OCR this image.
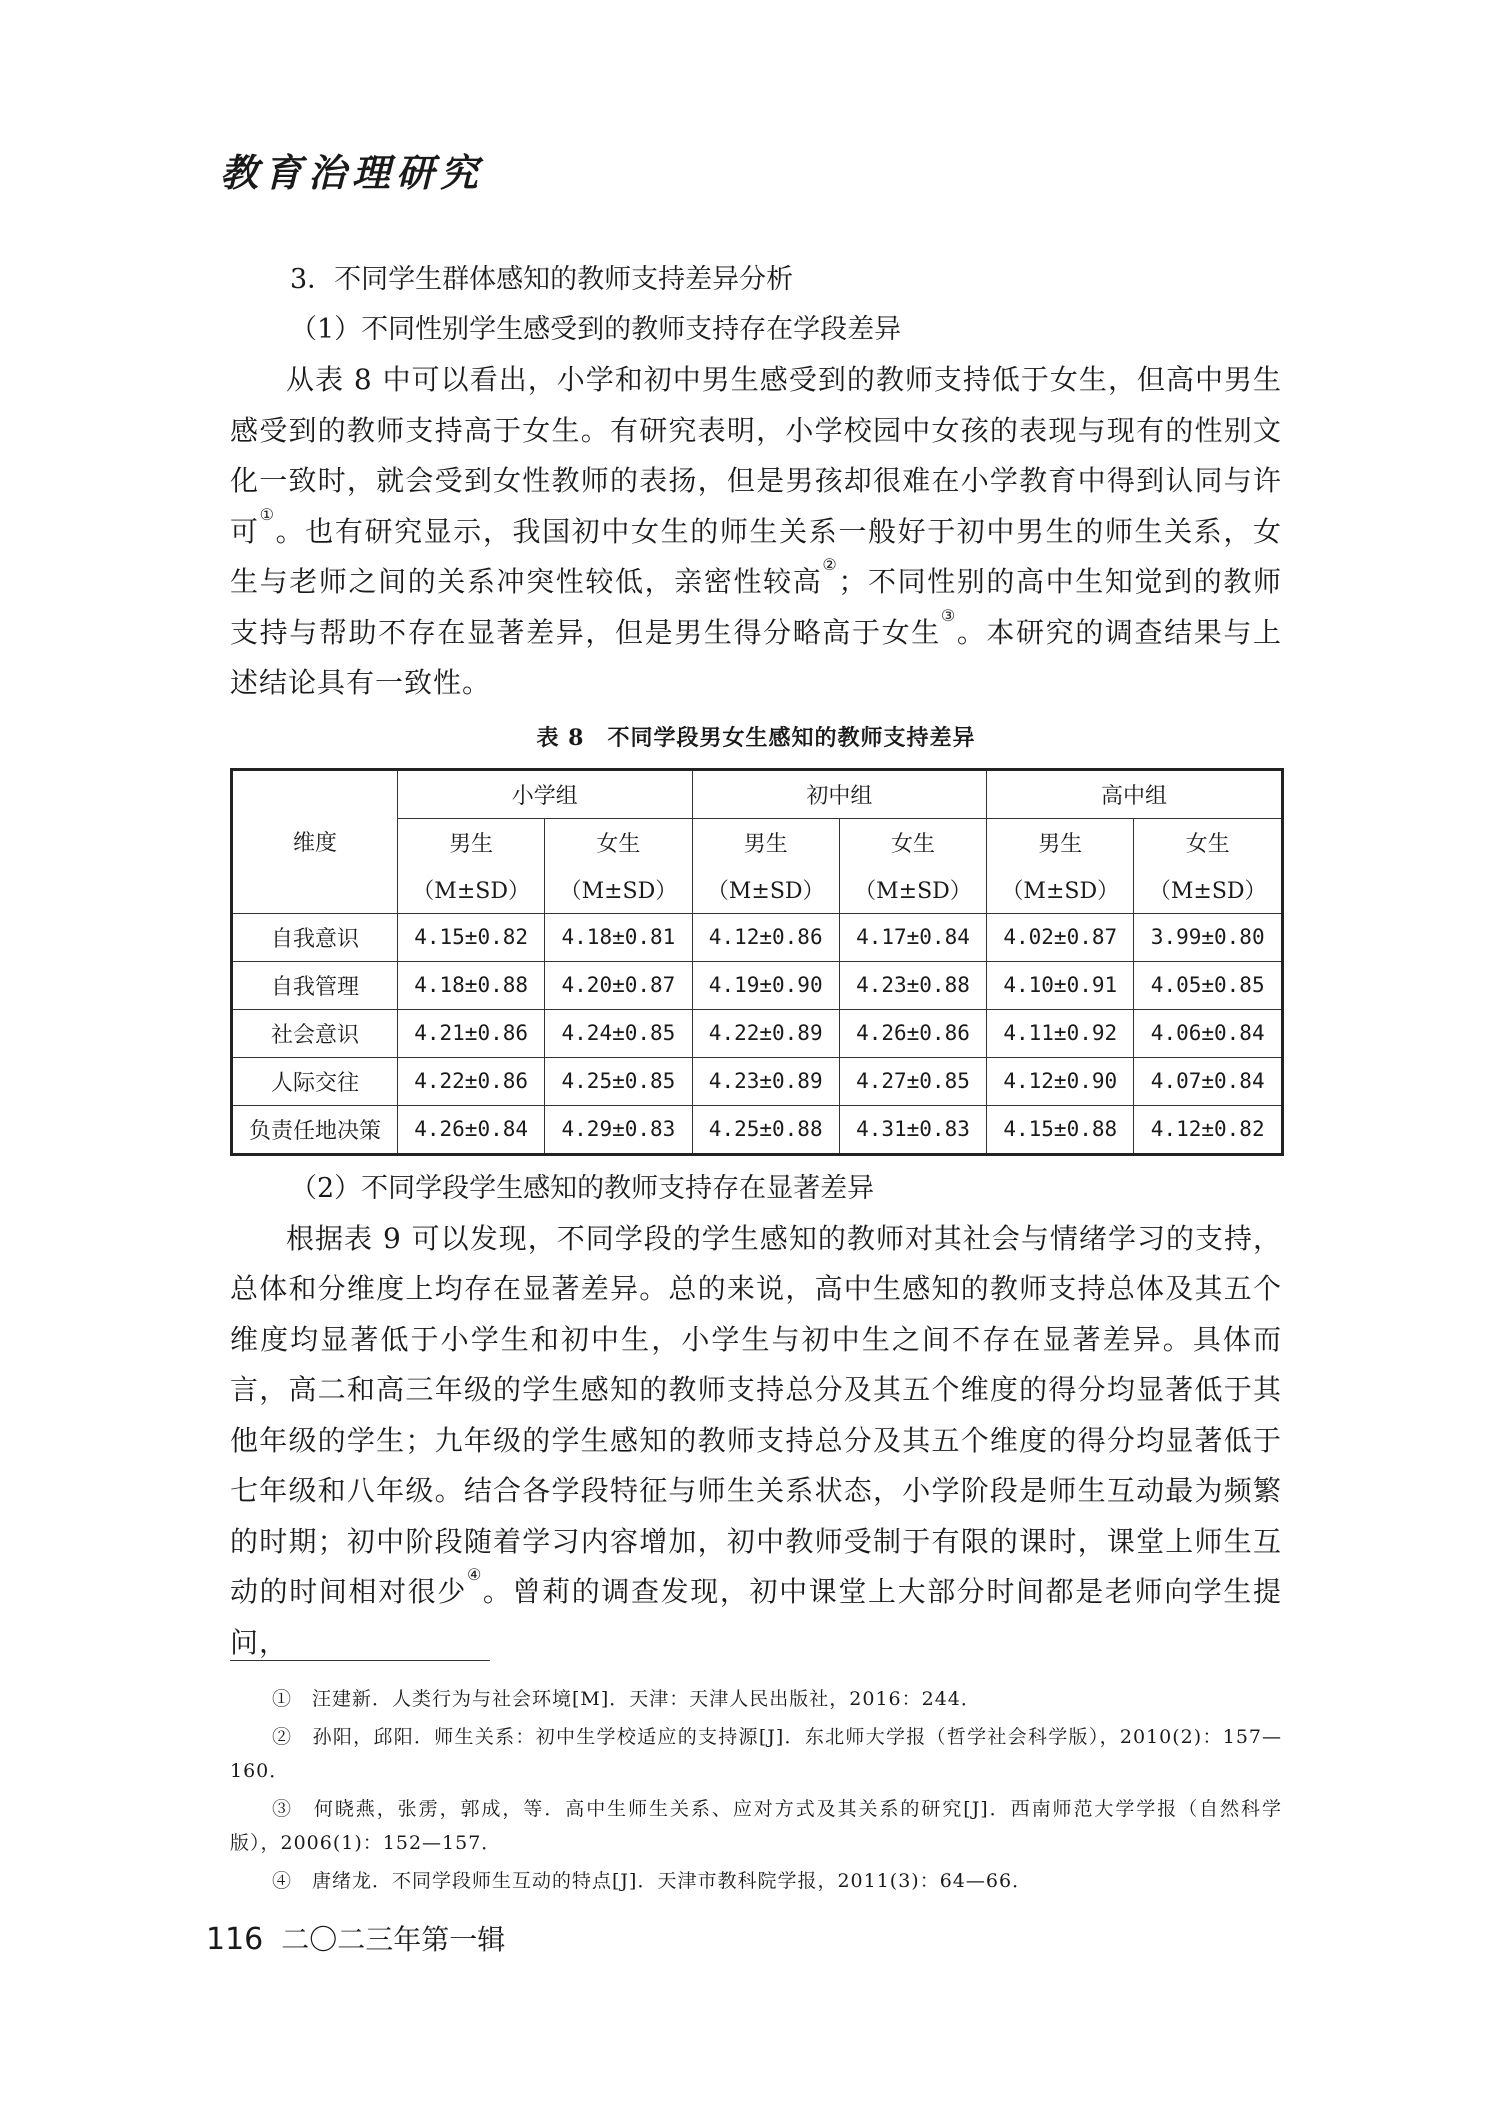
教育治理研究

3．不同学生群体感知的教师支持差异分析

（1）不同性别学生感受到的教师支持存在学段差异

从表 8 中可以看出，小学和初中男生感受到的教师支持低于女生，但高中男生感受到的教师支持高于女生。有研究表明，小学校园中女孩的表现与现有的性别文化一致时，就会受到女性教师的表扬，但是男孩却很难在小学教育中得到认同与许可①。也有研究显示，我国初中女生的师生关系一般好于初中男生的师生关系，女生与老师之间的关系冲突性较低，亲密性较高②；不同性别的高中生知觉到的教师支持与帮助不存在显著差异，但是男生得分略高于女生③。本研究的调查结果与上述结论具有一致性。

表 8　不同学段男女生感知的教师支持差异
维度	小学组		初中组		高中组	
	男生	女生	男生	女生	男生	女生
	（M±SD）	（M±SD）	（M±SD）	（M±SD）	（M±SD）	（M±SD）
自我意识	4.15±0.82	4.18±0.81	4.12±0.86	4.17±0.84	4.02±0.87	3.99±0.80
自我管理	4.18±0.88	4.20±0.87	4.19±0.90	4.23±0.88	4.10±0.91	4.05±0.85
社会意识	4.21±0.86	4.24±0.85	4.22±0.89	4.26±0.86	4.11±0.92	4.06±0.84
人际交往	4.22±0.86	4.25±0.85	4.23±0.89	4.27±0.85	4.12±0.90	4.07±0.84
负责任地决策	4.26±0.84	4.29±0.83	4.25±0.88	4.31±0.83	4.15±0.88	4.12±0.82

（2）不同学段学生感知的教师支持存在显著差异

根据表 9 可以发现，不同学段的学生感知的教师对其社会与情绪学习的支持，总体和分维度上均存在显著差异。总的来说，高中生感知的教师支持总体及其五个维度均显著低于小学生和初中生，小学生与初中生之间不存在显著差异。具体而言，高二和高三年级的学生感知的教师支持总分及其五个维度的得分均显著低于其他年级的学生；九年级的学生感知的教师支持总分及其五个维度的得分均显著低于七年级和八年级。结合各学段特征与师生关系状态，小学阶段是师生互动最为频繁的时期；初中阶段随着学习内容增加，初中教师受制于有限的课时，课堂上师生互动的时间相对很少④。曾莉的调查发现，初中课堂上大部分时间都是老师向学生提问，

①　汪建新．人类行为与社会环境[M]．天津：天津人民出版社，2016：244．

②　孙阳，邱阳．师生关系：初中生学校适应的支持源[J]．东北师大学报（哲学社会科学版），2010(2)：157—160．

③　何晓燕，张雳，郭成，等．高中生师生关系、应对方式及其关系的研究[J]．西南师范大学学报（自然科学版），2006(1)：152—157．

④　唐绪龙．不同学段师生互动的特点[J]．天津市教科院学报，2011(3)：64—66．

116 二〇二三年第一辑
